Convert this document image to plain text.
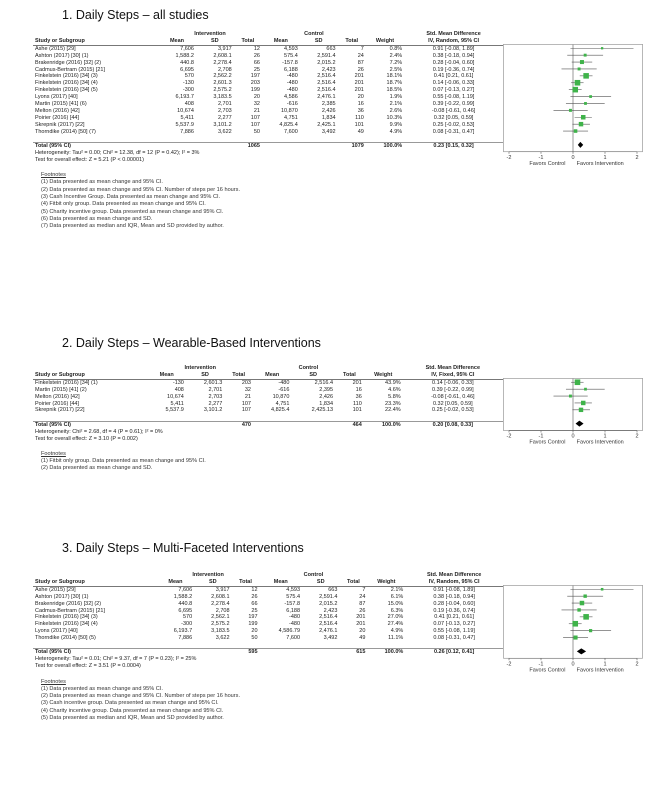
1. Daily Steps – all studies
2. Daily Steps – Wearable-Based Interventions
3. Daily Steps – Multi-Faceted Interventions
	Intervention			Control				Std. Mean Difference
Study or Subgroup	Mean	SD	Total	Mean	SD	Total	Weight	IV, Random, 95% CI
Ashe (2015) [29]	7,606	3,917	12	4,593	663	7	0.8%	0.91 [-0.08, 1.89]
Ashton (2017) [30] (1)	1,588.2	2,608.1	26	575.4	2,591.4	24	2.4%	0.38 [-0.18, 0.94]
Brakenridge (2016) [32] (2)	440.8	2,278.4	66	-157.8	2,015.2	87	7.2%	0.28 [-0.04, 0.60]
Cadmus-Bertram (2015) [21]	6,695	2,708	25	6,188	2,423	26	2.5%	0.19 [-0.36, 0.74]
Finkelstein (2016) [34] (3)	570	2,562.2	197	-480	2,516.4	201	18.1%	0.41 [0.21, 0.61]
Finkelstein (2016) [34] (4)	-130	2,601.3	203	-480	2,516.4	201	18.7%	0.14 [-0.06, 0.33]
Finkelstein (2016) [34] (5)	-300	2,575.2	199	-480	2,516.4	201	18.5%	0.07 [-0.13, 0.27]
Lyons (2017) [40]	6,193.7	3,183.5	20	4,586	2,476.1	20	1.9%	0.55 [-0.08, 1.19]
Martin (2015) [41] (6)	408	2,701	32	-616	2,385	16	2.1%	0.39 [-0.22, 0.99]
Melton (2016) [42]	10,674	2,703	21	10,870	2,426	36	2.6%	-0.08 [-0.61, 0.46]
Poirier (2016) [44]	5,411	2,277	107	4,751	1,834	110	10.3%	0.32 [0.05, 0.59]
Skrepnik (2017) [22]	5,537.9	3,101.2	107	4,825.4	2,425.1	101	9.9%	0.25 [-0.02, 0.53]
Thorndike (2014) [50] (7)	7,886	3,622	50	7,600	3,492	49	4.9%	0.08 [-0.31, 0.47]

Total (95% CI)			1065			1079	100.0%	0.23 [0.15, 0.32]
Heterogeneity: Tau² = 0.00; Chi² = 12.38, df = 12 (P = 0.42); I² = 3%								
Test for overall effect: Z = 5.21 (P < 0.00001)								
Footnotes
(1) Data presented as mean change and 95% CI.
(2) Data presented as mean change and 95% CI. Number of steps per 16 hours.
(3) Cash Incentive Group. Data presented as mean change and 95% CI.
(4) Fitbit only group. Data presented as mean change and 95% CI.
(5) Charity incentive group. Data presented as mean change and 95% CI.
(6) Data presented as mean change and SD.
(7) Data presented as median and IQR, Mean and SD provided by author.
-2	-1	0	1	2
Favors Control Favors Intervention
	Intervention			Control				Std. Mean Difference
Study or Subgroup	Mean	SD	Total	Mean	SD	Total	Weight	IV, Fixed, 95% CI
Finkelstein (2016) [34] (1)	-130	2,601.3	203	-480	2,516.4	201	43.9%	0.14 [-0.06, 0.33]
Martin (2015) [41] (2)	408	2,701	32	-616	2,395	16	4.6%	0.39 [-0.22, 0.99]
Melton (2016) [42]	10,674	2,703	21	10,870	2,426	36	5.8%	-0.08 [-0.61, 0.46]
Poirier (2016) [44]	5,411	2,277	107	4,751	1,834	110	23.3%	0.32 [0.05, 0.59]
Skrepnik (2017) [22]	5,537.9	3,101.2	107	4,825.4	2,425.13	101	22.4%	0.25 [-0.02, 0.53]

Total (95% CI)			470			464	100.0%	0.20 [0.08, 0.33]
Heterogeneity: Chi² = 2.68, df = 4 (P = 0.61); I² = 0%								
Test for overall effect: Z = 3.10 (P = 0.002)								
Footnotes
(1) Fitbit only group. Data presented as mean change and 95% CI.
(2) Data presented as mean change and SD.
-2	-1	0	1	2
Favors Control Favors Intervention
	Intervention			Control				Std. Mean Difference
Study or Subgroup	Mean	SD	Total	Mean	SD	Total	Weight	IV, Random, 95% CI
Ashe (2015) [29]	7,606	3,917	12	4,593	663	7	2.1%	0.91 [-0.08, 1.89]
Ashton (2017) [30] (1)	1,588.2	2,608.1	26	575.4	2,591.4	24	6.1%	0.38 [-0.18, 0.94]
Brakenridge (2016) [32] (2)	440.8	2,278.4	66	-157.8	2,015.2	87	15.0%	0.28 [-0.04, 0.60]
Cadmus-Bertram (2015) [21]	6,695	2,708	25	6,188	2,423	26	6.3%	0.19 [-0.36, 0.74]
Finkelstein (2016) [34] (3)	570	2,562.1	197	-480	2,516.4	201	27.0%	0.41 [0.21, 0.61]
Finkelstein (2016) [34] (4)	-300	2,575.2	199	-480	2,516.4	201	27.4%	0.07 [-0.13, 0.27]
Lyons (2017) [40]	6,193.7	3,183.5	20	4,586.79	2,476.1	20	4.9%	0.55 [-0.08, 1.19]
Thorndike (2014) [50] (5)	7,886	3,622	50	7,600	3,492	49	11.1%	0.08 [-0.31, 0.47]

Total (95% CI)			595			615	100.0%	0.26 [0.12, 0.41]
Heterogeneity: Tau² = 0.01; Chi² = 9.37, df = 7 (P = 0.23); I² = 25%								
Test for overall effect: Z = 3.51 (P = 0.0004)								
Footnotes
(1) Data presented as mean change and 95% CI.
(2) Data presented as mean change and 95% CI. Number of steps per 16 hours.
(3) Cash incentive group. Data presented as mean change and 95% CI.
(4) Charity incentive group. Data presented as mean change and 95% CI.
(5) Data presented as median and IQR, Mean and SD provided by author.
-2	-1	0	1	2
Favors Control Favors Intervention
